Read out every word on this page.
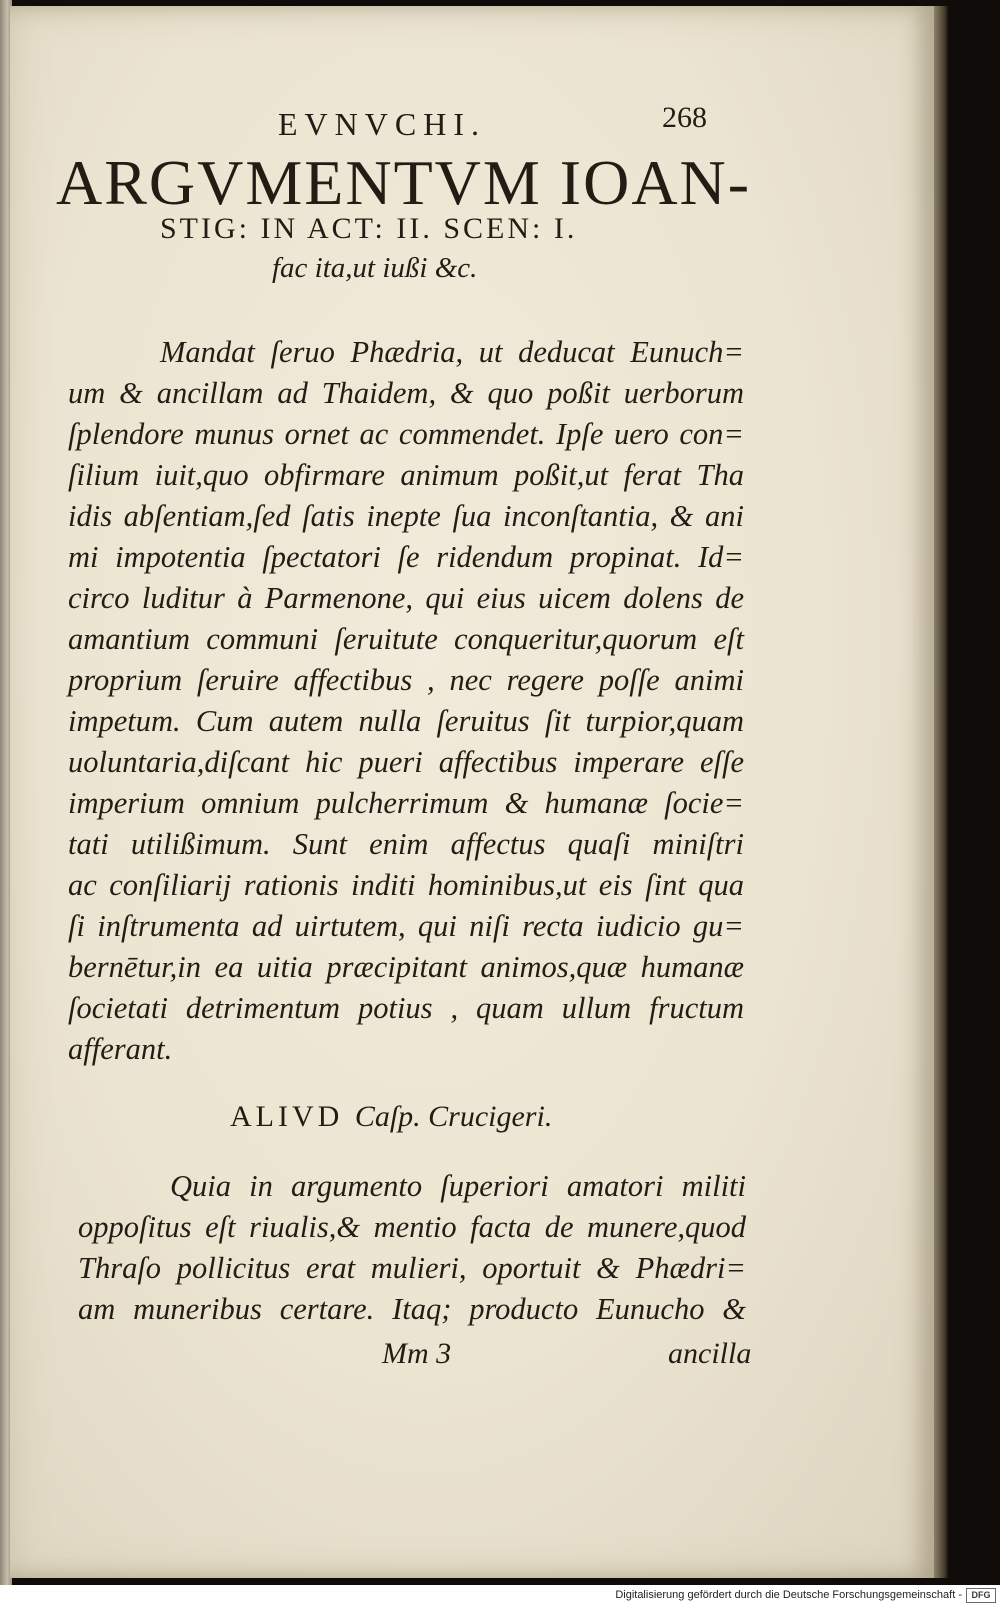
EVNVCHI.	268
ARGVMENTVM IOAN-
STIG: IN ACT: II. SCEN: I.
fac ita,ut iußi &c.
Mandat ſeruo Phædria, ut deducat Eunuch=
um & ancillam ad Thaidem, & quo poßit uerborum
ſplendore munus ornet ac commendet. Ipſe uero con=
ſilium iuit,quo obfirmare animum poßit,ut ferat Tha
idis abſentiam,ſed ſatis inepte ſua inconſtantia, & ani
mi impotentia ſpectatori ſe ridendum propinat. Id=
circo luditur à Parmenone, qui eius uicem dolens de
amantium communi ſeruitute conqueritur,quorum eſt
proprium ſeruire affectibus , nec regere poſſe animi
impetum. Cum autem nulla ſeruitus ſit turpior,quam
uoluntaria,diſcant hic pueri affectibus imperare eſſe
imperium omnium pulcherrimum & humanæ ſocie=
tati utilißimum. Sunt enim affectus quaſi miniſtri
ac conſiliarij rationis inditi hominibus,ut eis ſint qua
ſi inſtrumenta ad uirtutem, qui niſi recta iudicio gu=
bernētur,in ea uitia præcipitant animos,quæ humanæ
ſocietati detrimentum potius , quam ullum fructum
afferant.
ALIVD Caſp. Crucigeri.
Quia in argumento ſuperiori amatori militi
oppoſitus eſt riualis,& mentio facta de munere,quod
Thraſo pollicitus erat mulieri, oportuit & Phædri=
am muneribus certare. Itaq; producto Eunucho &
Mm 3	ancilla
Digitalisierung gefördert durch die Deutsche Forschungsgemeinschaft -	DFG
